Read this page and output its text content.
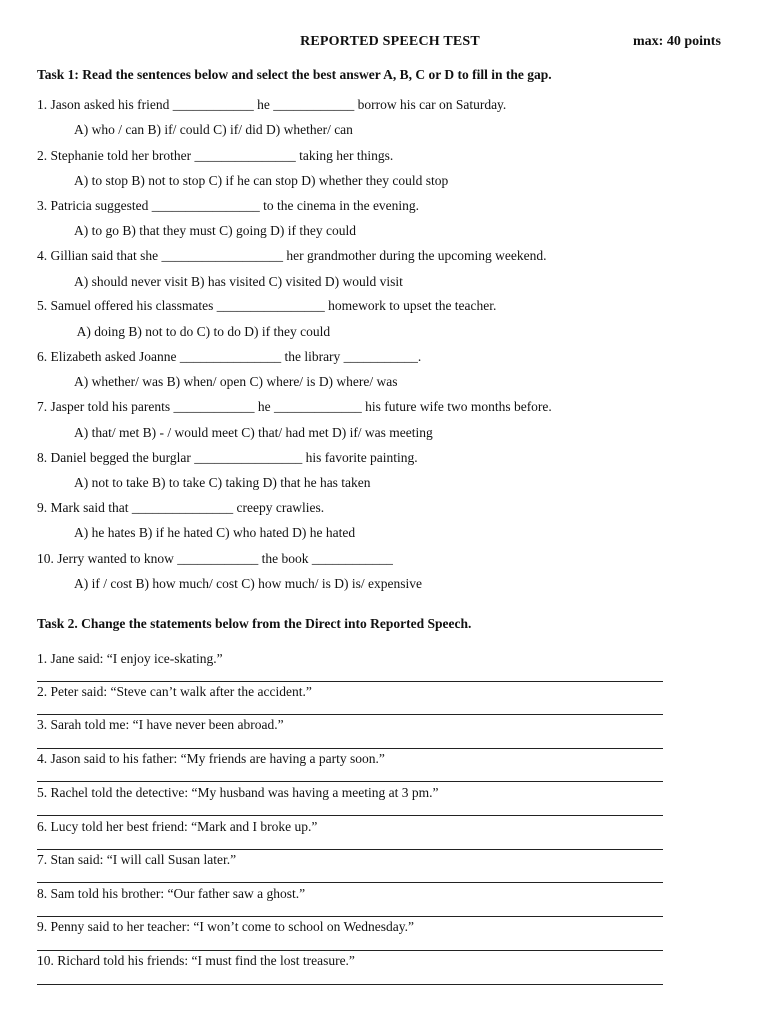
REPORTED SPEECH TEST	max: 40 points
Task 1: Read the sentences below and select the best answer A, B, C or D to fill in the gap.
1. Jason asked his friend ____________ he ____________ borrow his car on Saturday.
A) who / can B) if/ could C) if/ did D) whether/ can
2. Stephanie told her brother _______________ taking her things.
A) to stop B) not to stop C) if he can stop D) whether they could stop
3. Patricia suggested ________________ to the cinema in the evening.
A) to go B) that they must C) going D) if they could
4. Gillian said that she __________________ her grandmother during the upcoming weekend.
A) should never visit B) has visited C) visited D) would visit
5. Samuel offered his classmates ________________ homework to upset the teacher.
A) doing B) not to do C) to do D) if they could
6. Elizabeth asked Joanne _______________ the library ___________.
A) whether/ was B) when/ open C) where/ is D) where/ was
7. Jasper told his parents ____________ he _____________ his future wife two months before.
A) that/ met B) - / would meet C) that/ had met D) if/ was meeting
8. Daniel begged the burglar ________________ his favorite painting.
A) not to take B) to take C) taking D) that he has taken
9. Mark said that _______________ creepy crawlies.
A) he hates B) if he hated C) who hated D) he hated
10. Jerry wanted to know ____________ the book ____________
A) if / cost B) how much/ cost C) how much/ is D) is/ expensive
Task 2. Change the statements below from the Direct into Reported Speech.
1. Jane said: “I enjoy ice-skating.”
2. Peter said: “Steve can’t walk after the accident.”
3. Sarah told me: “I have never been abroad.”
4. Jason said to his father: “My friends are having a party soon.”
5. Rachel told the detective: “My husband was having a meeting at 3 pm.”
6. Lucy told her best friend: “Mark and I broke up.”
7. Stan said: “I will call Susan later.”
8. Sam told his brother: “Our father saw a ghost.”
9. Penny said to her teacher: “I won’t come to school on Wednesday.”
10. Richard told his friends: “I must find the lost treasure.”
